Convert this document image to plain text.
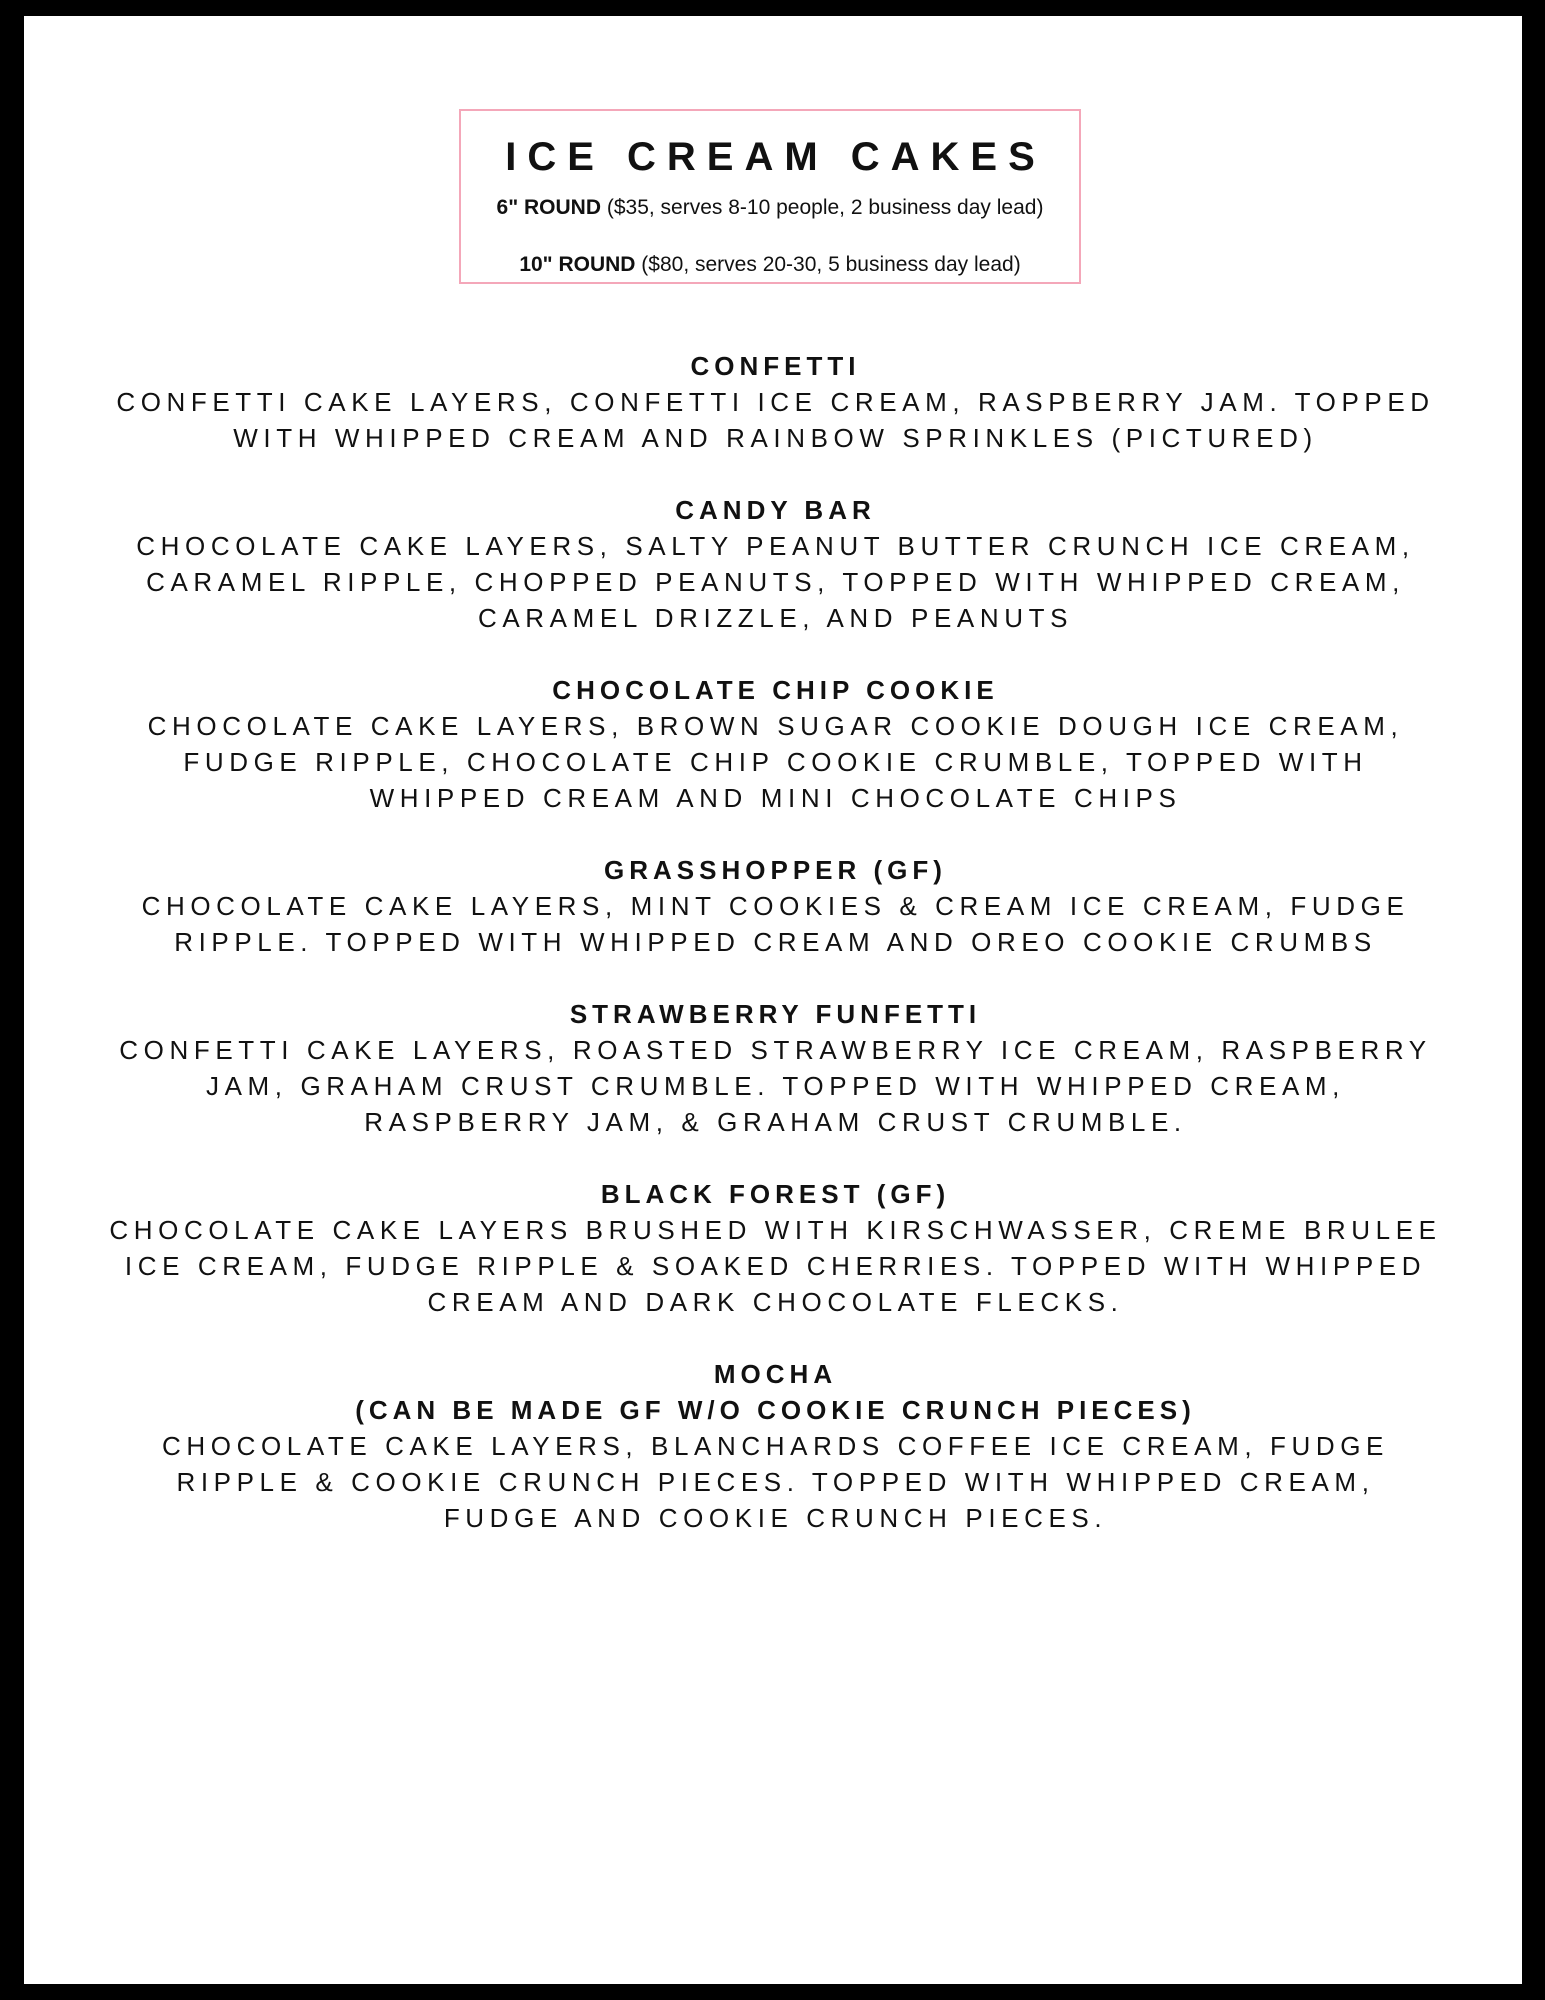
ICE CREAM CAKES
6" ROUND ($35, serves 8-10 people, 2 business day lead)
10" ROUND ($80, serves 20-30, 5 business day lead)
CONFETTI
CONFETTI CAKE LAYERS, CONFETTI ICE CREAM, RASPBERRY JAM. TOPPED
WITH WHIPPED CREAM AND RAINBOW SPRINKLES (PICTURED)
CANDY BAR
CHOCOLATE CAKE LAYERS, SALTY PEANUT BUTTER CRUNCH ICE CREAM,
CARAMEL RIPPLE, CHOPPED PEANUTS, TOPPED WITH WHIPPED CREAM,
CARAMEL DRIZZLE, AND PEANUTS
CHOCOLATE CHIP COOKIE
CHOCOLATE CAKE LAYERS, BROWN SUGAR COOKIE DOUGH ICE CREAM,
FUDGE RIPPLE, CHOCOLATE CHIP COOKIE CRUMBLE, TOPPED WITH
WHIPPED CREAM AND MINI CHOCOLATE CHIPS
GRASSHOPPER (GF)
CHOCOLATE CAKE LAYERS, MINT COOKIES & CREAM ICE CREAM, FUDGE
RIPPLE. TOPPED WITH WHIPPED CREAM AND OREO COOKIE CRUMBS
STRAWBERRY FUNFETTI
CONFETTI CAKE LAYERS, ROASTED STRAWBERRY ICE CREAM, RASPBERRY
JAM, GRAHAM CRUST CRUMBLE. TOPPED WITH WHIPPED CREAM,
RASPBERRY JAM, & GRAHAM CRUST CRUMBLE.
BLACK FOREST (GF)
CHOCOLATE CAKE LAYERS BRUSHED WITH KIRSCHWASSER, CREME BRULEE
ICE CREAM, FUDGE RIPPLE & SOAKED CHERRIES. TOPPED WITH WHIPPED
CREAM AND DARK CHOCOLATE FLECKS.
MOCHA
(CAN BE MADE GF W/O COOKIE CRUNCH PIECES)
CHOCOLATE CAKE LAYERS, BLANCHARDS COFFEE ICE CREAM, FUDGE
RIPPLE & COOKIE CRUNCH PIECES. TOPPED WITH WHIPPED CREAM,
FUDGE AND COOKIE CRUNCH PIECES.
